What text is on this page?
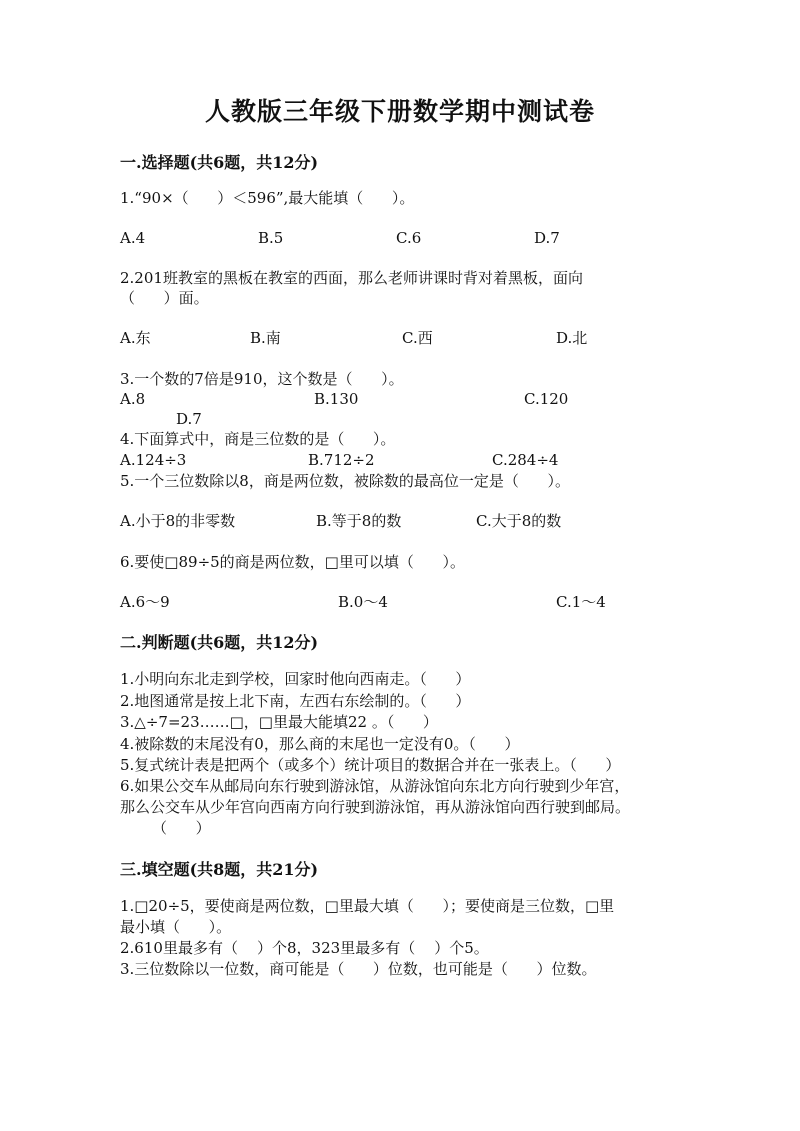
人教版三年级下册数学期中测试卷
一.选择题(共6题，共12分)
1.“90×（      ）＜596”,最大能填（      ）。
A.4	B.5	C.6	D.7
2.201班教室的黑板在教室的西面，那么老师讲课时背对着黑板，面向
（      ）面。
A.东	B.南	C.西	D.北
3.一个数的7倍是910，这个数是（      ）。
A.8	B.130	C.120
D.7
4.下面算式中，商是三位数的是（      ）。
A.124÷3	B.712÷2	C.284÷4
5.一个三位数除以8，商是两位数，被除数的最高位一定是（      ）。
A.小于8的非零数	B.等于8的数	C.大于8的数
6.要使□89÷5的商是两位数，□里可以填（      ）。
A.6～9	B.0～4	C.1～4
二.判断题(共6题，共12分)
1.小明向东北走到学校，回家时他向西南走。（      ）
2.地图通常是按上北下南，左西右东绘制的。（      ）
3.△÷7=23……□，□里最大能填22 。（      ）
4.被除数的末尾没有0，那么商的末尾也一定没有0。（      ）
5.复式统计表是把两个（或多个）统计项目的数据合并在一张表上。（      ）
6.如果公交车从邮局向东行驶到游泳馆，从游泳馆向东北方向行驶到少年宫，
那么公交车从少年宫向西南方向行驶到游泳馆，再从游泳馆向西行驶到邮局。
（      ）
三.填空题(共8题，共21分)
1.□20÷5，要使商是两位数，□里最大填（      ）；要使商是三位数，□里
最小填（      ）。
2.610里最多有（    ）个8，323里最多有（    ）个5。
3.三位数除以一位数，商可能是（      ）位数，也可能是（      ）位数。
